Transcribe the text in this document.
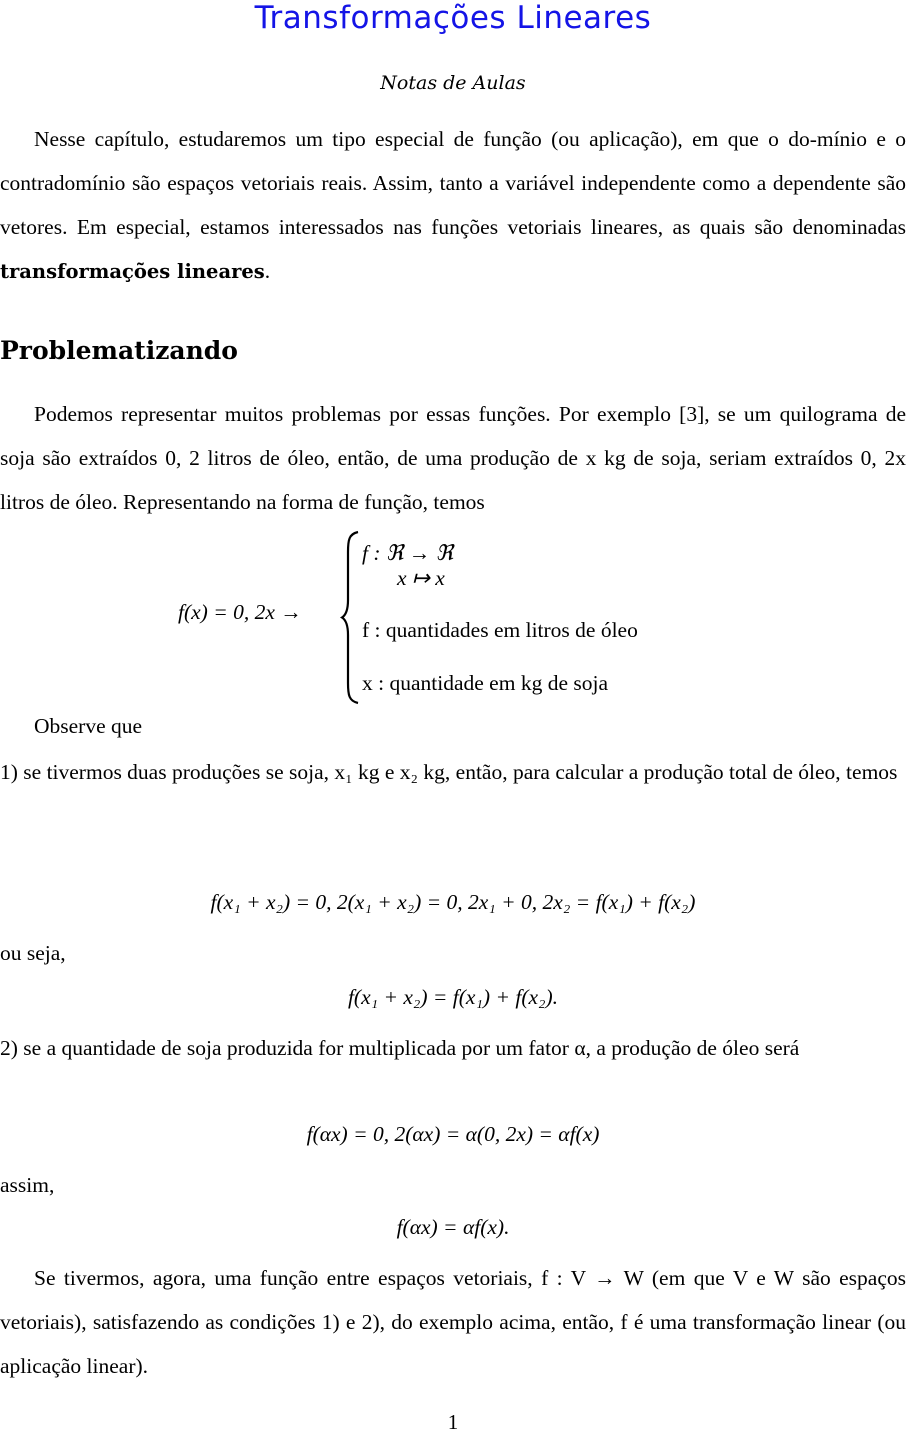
Transformações Lineares
Notas de Aulas
Nesse capítulo, estudaremos um tipo especial de função (ou aplicação), em que o do-mínio e o contradomínio são espaços vetoriais reais. Assim, tanto a variável independente como a dependente são vetores. Em especial, estamos interessados nas funções vetoriais lineares, as quais são denominadas transformações lineares.
Problematizando
Podemos representar muitos problemas por essas funções. Por exemplo [3], se um quilograma de soja são extraídos 0, 2 litros de óleo, então, de uma produção de x kg de soja, seriam extraídos 0, 2x litros de óleo. Representando na forma de função, temos
f(x) = 0, 2x →
f : ℜ → ℜ
x ↦ x
f : quantidades em litros de óleo
x : quantidade em kg de soja
Observe que
1) se tivermos duas produções se soja, x₁ kg e x₂ kg, então, para calcular a produção total de óleo, temos
f(x₁ + x₂) = 0, 2(x₁ + x₂) = 0, 2x₁ + 0, 2x₂ = f(x₁) + f(x₂)
ou seja,
f(x₁ + x₂) = f(x₁) + f(x₂).
2) se a quantidade de soja produzida for multiplicada por um fator α, a produção de óleo será
f(αx) = 0, 2(αx) = α(0, 2x) = αf(x)
assim,
f(αx) = αf(x).
Se tivermos, agora, uma função entre espaços vetoriais, f : V → W (em que V e W são espaços vetoriais), satisfazendo as condições 1) e 2), do exemplo acima, então, f é uma transformação linear (ou aplicação linear).
1
